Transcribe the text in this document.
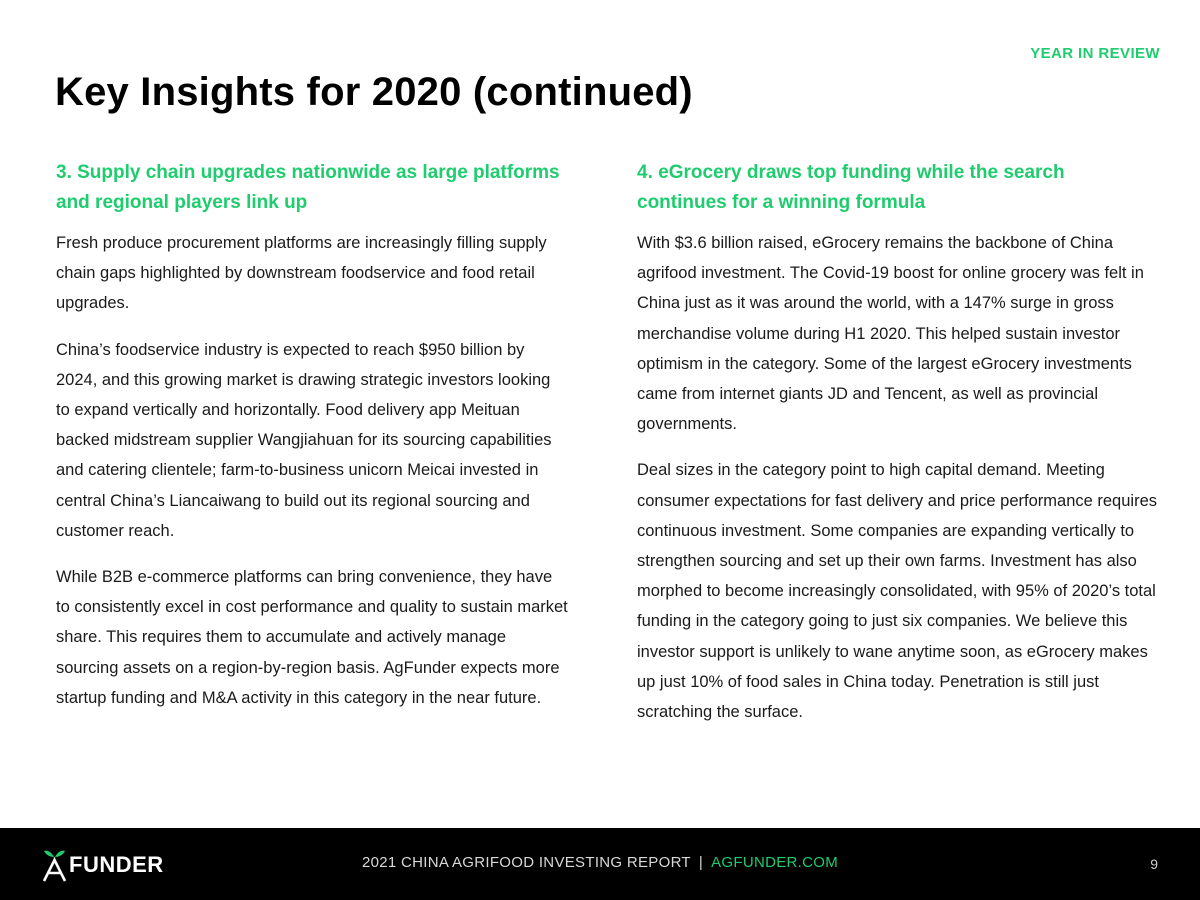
YEAR IN REVIEW
Key Insights for 2020 (continued)
3. Supply chain upgrades nationwide as large platforms and regional players link up

Fresh produce procurement platforms are increasingly filling supply chain gaps highlighted by downstream foodservice and food retail upgrades.

China’s foodservice industry is expected to reach $950 billion by 2024, and this growing market is drawing strategic investors looking to expand vertically and horizontally. Food delivery app Meituan backed midstream supplier Wangjiahuan for its sourcing capabilities and catering clientele; farm-to-business unicorn Meicai invested in central China’s Liancaiwang to build out its regional sourcing and customer reach.

While B2B e-commerce platforms can bring convenience, they have to consistently excel in cost performance and quality to sustain market share. This requires them to accumulate and actively manage sourcing assets on a region-by-region basis. AgFunder expects more startup funding and M&A activity in this category in the near future.

4. eGrocery draws top funding while the search continues for a winning formula

With $3.6 billion raised, eGrocery remains the backbone of China agrifood investment. The Covid-19 boost for online grocery was felt in China just as it was around the world, with a 147% surge in gross merchandise volume during H1 2020. This helped sustain investor optimism in the category. Some of the largest eGrocery investments came from internet giants JD and Tencent, as well as provincial governments.

Deal sizes in the category point to high capital demand. Meeting consumer expectations for fast delivery and price performance requires continuous investment. Some companies are expanding vertically to strengthen sourcing and set up their own farms. Investment has also morphed to become increasingly consolidated, with 95% of 2020’s total funding in the category going to just six companies. We believe this investor support is unlikely to wane anytime soon, as eGrocery makes up just 10% of food sales in China today. Penetration is still just scratching the surface.

FUNDER	2021 CHINA AGRIFOOD INVESTING REPORT | AGFUNDER.COM	9
